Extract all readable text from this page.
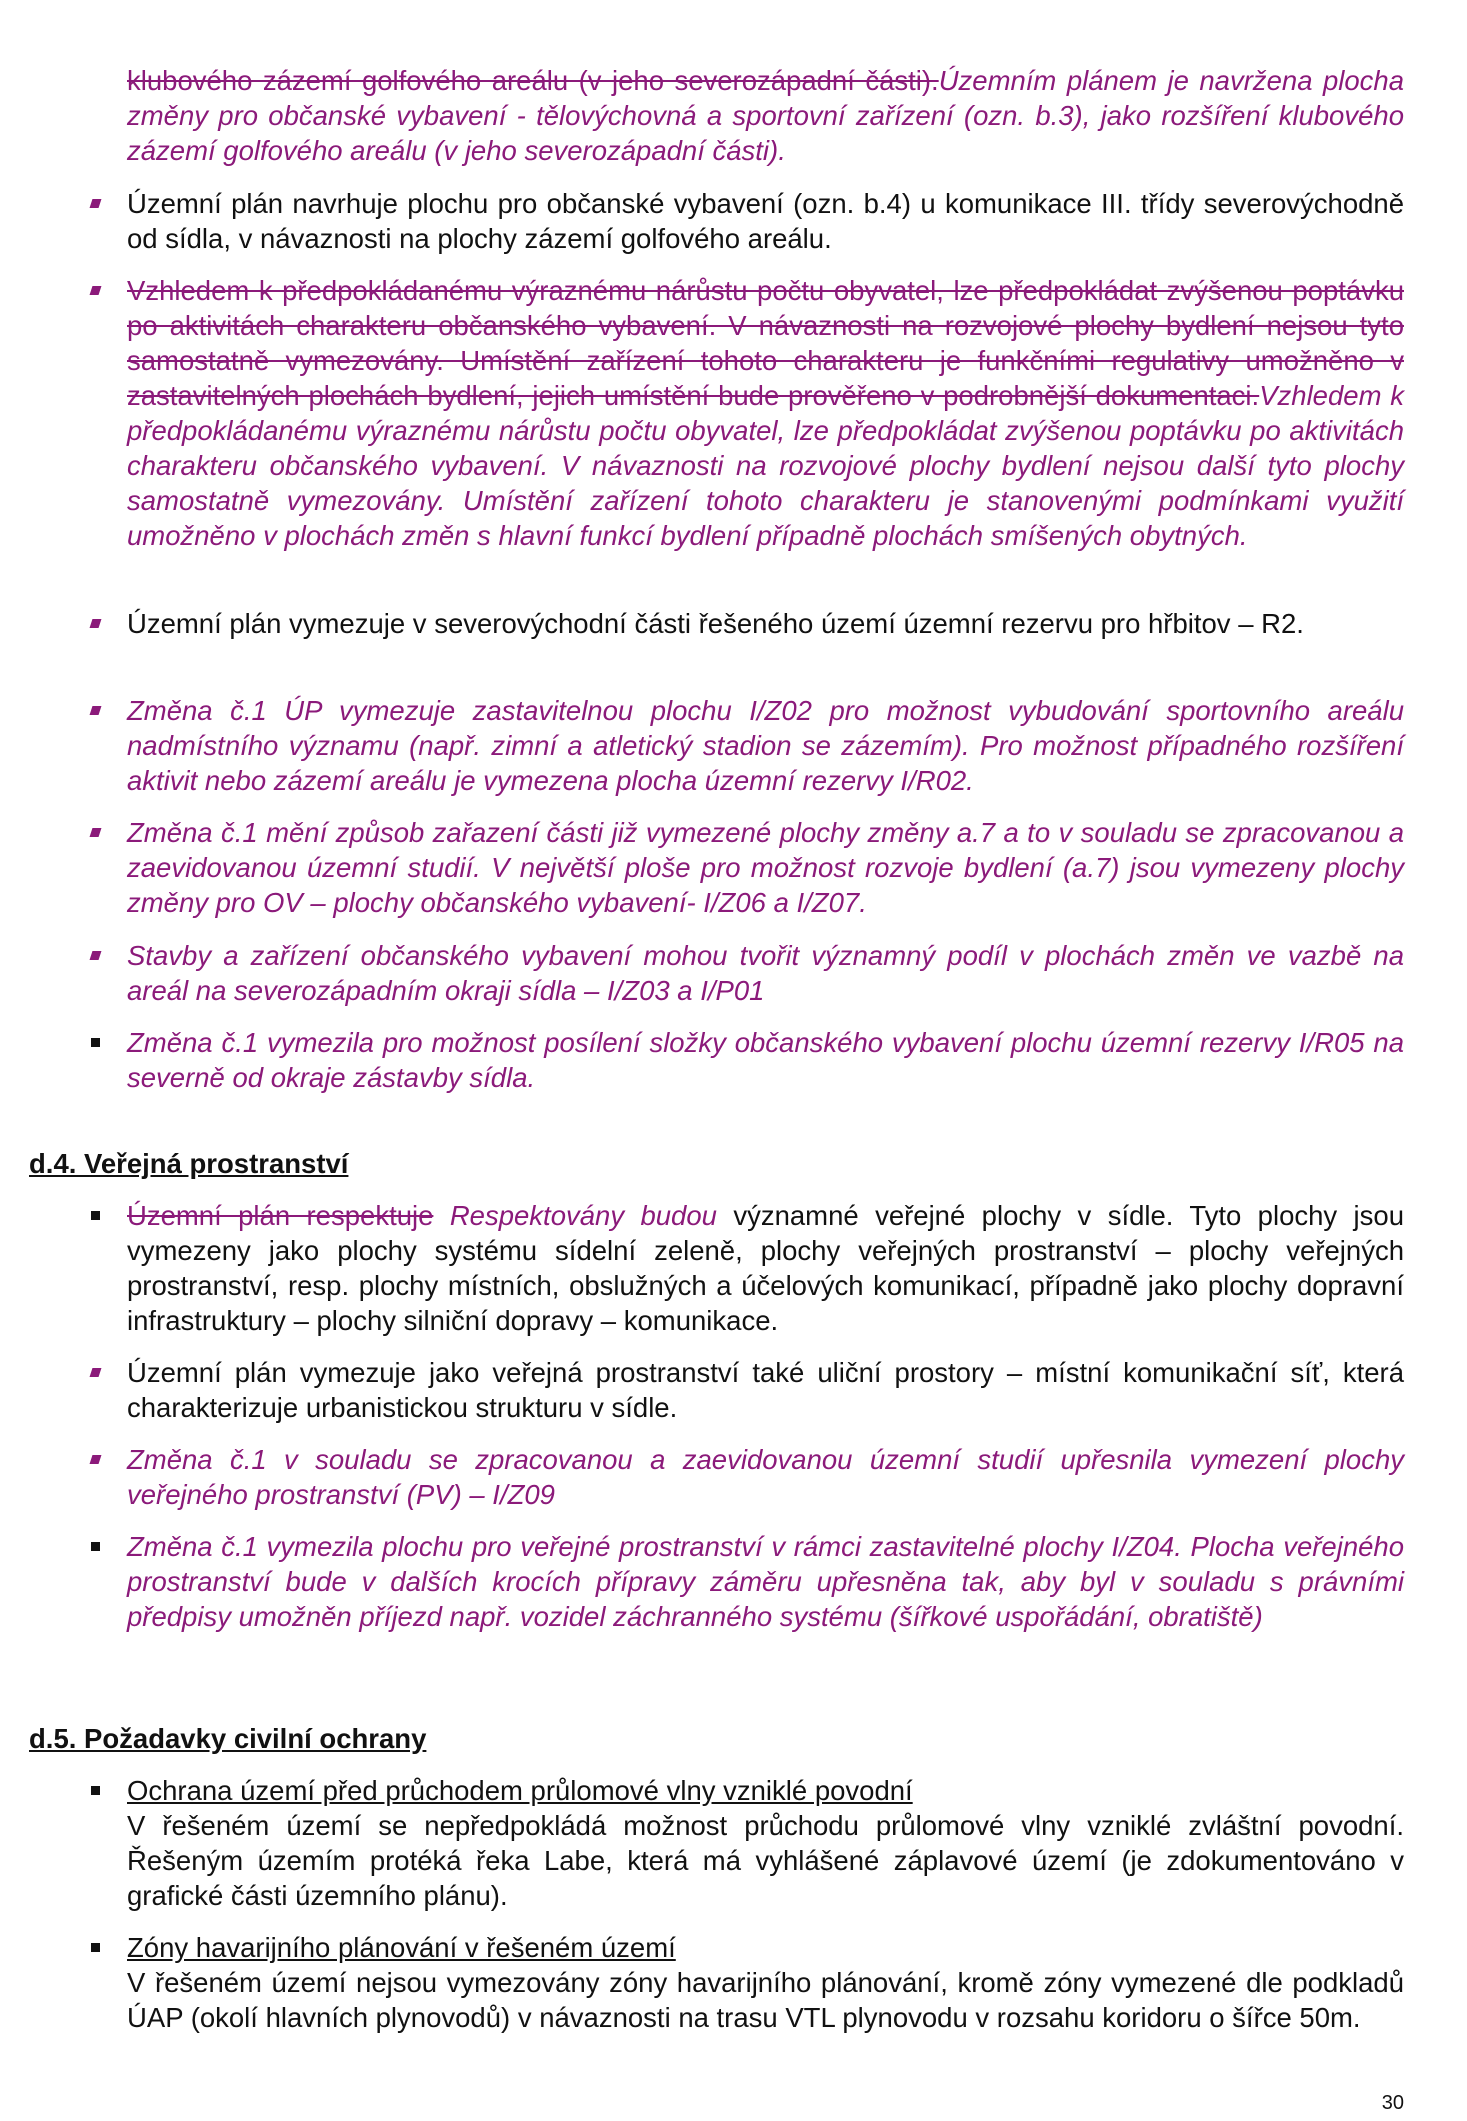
klubového zázemí golfového areálu (v jeho severozápadní části).Územním plánem je navržena plocha změny pro občanské vybavení - tělovýchovná a sportovní zařízení (ozn. b.3), jako rozšíření klubového zázemí golfového areálu (v jeho severozápadní části).
Územní plán navrhuje plochu pro občanské vybavení (ozn. b.4) u komunikace III. třídy severovýchodně od sídla, v návaznosti na plochy zázemí golfového areálu.
Vzhledem k předpokládanému výraznému nárůstu počtu obyvatel, lze předpokládat zvýšenou poptávku po aktivitách charakteru občanského vybavení. V návaznosti na rozvojové plochy bydlení nejsou tyto samostatně vymezovány. Umístění zařízení tohoto charakteru je funkčními regulativy umožněno v zastavitelných plochách bydlení, jejich umístění bude prověřeno v podrobnější dokumentaci.Vzhledem k předpokládanému výraznému nárůstu počtu obyvatel, lze předpokládat zvýšenou poptávku po aktivitách charakteru občanského vybavení. V návaznosti na rozvojové plochy bydlení nejsou další tyto plochy samostatně vymezovány. Umístění zařízení tohoto charakteru je stanovenými podmínkami využití umožněno v plochách změn s hlavní funkcí bydlení případně plochách smíšených obytných.
Územní plán vymezuje v severovýchodní části řešeného území územní rezervu pro hřbitov – R2.
Změna č.1 ÚP vymezuje zastavitelnou plochu I/Z02 pro možnost vybudování sportovního areálu nadmístního významu (např. zimní a atletický stadion se zázemím). Pro možnost případného rozšíření aktivit nebo zázemí areálu je vymezena plocha územní rezervy I/R02.
Změna č.1 mění způsob zařazení části již vymezené plochy změny a.7 a to v souladu se zpracovanou a zaevidovanou územní studií. V největší ploše pro možnost rozvoje bydlení (a.7) jsou vymezeny plochy změny pro OV – plochy občanského vybavení- I/Z06 a I/Z07.
Stavby a zařízení občanského vybavení mohou tvořit významný podíl v plochách změn ve vazbě na areál na severozápadním okraji sídla – I/Z03 a I/P01
Změna č.1 vymezila pro možnost posílení složky občanského vybavení plochu územní rezervy I/R05 na severně od okraje zástavby sídla.
d.4. Veřejná prostranství
Územní plán respektuje Respektovány budou významné veřejné plochy v sídle. Tyto plochy jsou vymezeny jako plochy systému sídelní zeleně, plochy veřejných prostranství – plochy veřejných prostranství, resp. plochy místních, obslužných a účelových komunikací, případně jako plochy dopravní infrastruktury – plochy silniční dopravy – komunikace.
Územní plán vymezuje jako veřejná prostranství také uliční prostory – místní komunikační síť, která charakterizuje urbanistickou strukturu v sídle.
Změna č.1 v souladu se zpracovanou a zaevidovanou územní studií upřesnila vymezení plochy veřejného prostranství (PV) – I/Z09
Změna č.1 vymezila plochu pro veřejné prostranství v rámci zastavitelné plochy I/Z04. Plocha veřejného prostranství bude v dalších krocích přípravy záměru upřesněna tak, aby byl v souladu s právními předpisy umožněn příjezd např. vozidel záchranného systému (šířkové uspořádání, obratiště)
d.5. Požadavky civilní ochrany
Ochrana území před průchodem průlomové vlny vzniklé povodní
V řešeném území se nepředpokládá možnost průchodu průlomové vlny vzniklé zvláštní povodní. Řešeným územím protéká řeka Labe, která má vyhlášené záplavové území (je zdokumentováno v grafické části územního plánu).
Zóny havarijního plánování v řešeném území
V řešeném území nejsou vymezovány zóny havarijního plánování, kromě zóny vymezené dle podkladů ÚAP (okolí hlavních plynovodů) v návaznosti na trasu VTL plynovodu v rozsahu koridoru o šířce 50m.
30
